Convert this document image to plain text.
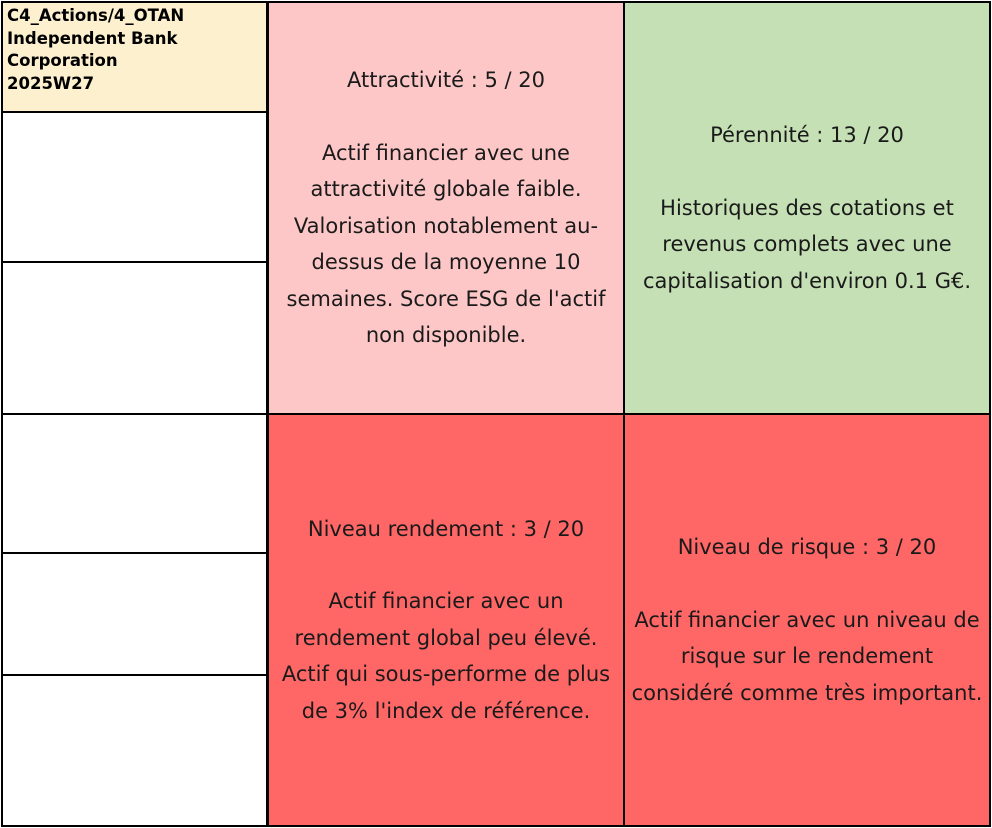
C4_Actions/4_OTAN
Independent Bank
Corporation
2025W27	Attractivité : 5 / 20
Actif financier avec une attractivité globale faible. Valorisation notablement au-dessus de la moyenne 10 semaines. Score ESG de l'actif non disponible.
Pérennité : 13 / 20
Historiques des cotations et revenus complets avec une capitalisation d'environ 0.1 G€.
Niveau rendement : 3 / 20
Actif financier avec un rendement global peu élevé. Actif qui sous-performe de plus de 3% l'index de référence.
Niveau de risque : 3 / 20
Actif financier avec un niveau de risque sur le rendement considéré comme très important.
